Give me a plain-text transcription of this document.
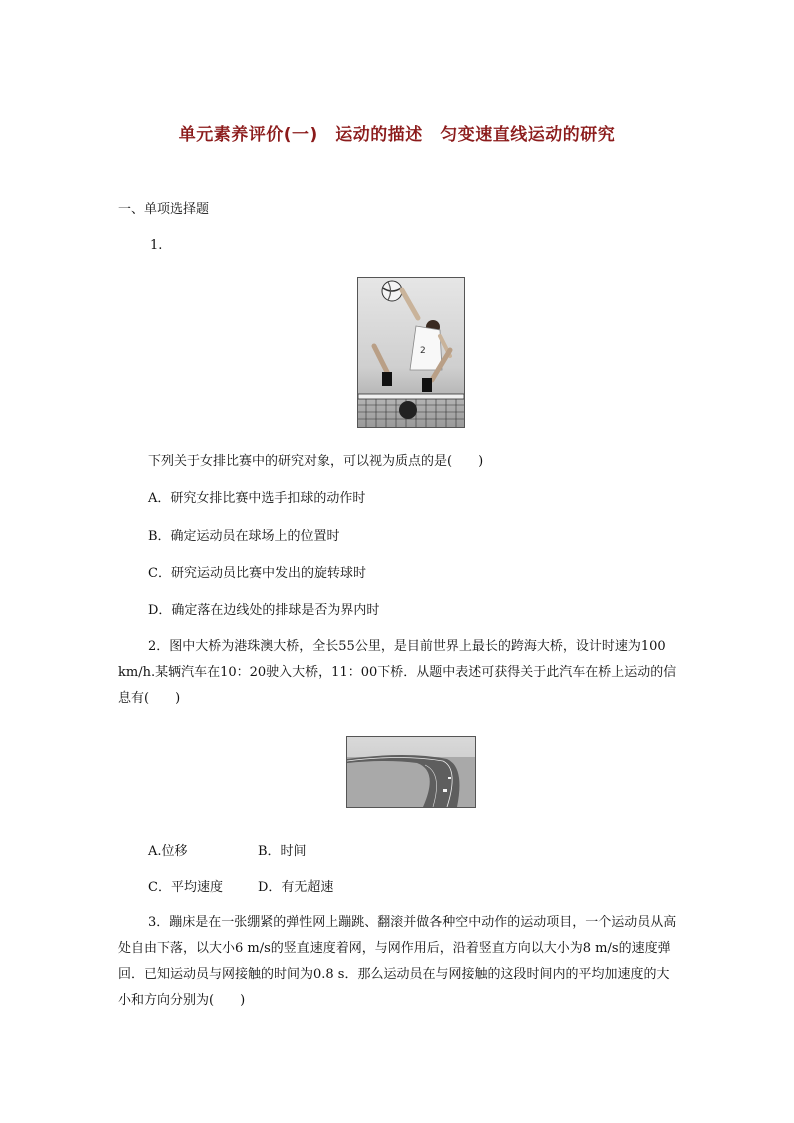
单元素养评价(一)　运动的描述　匀变速直线运动的研究
一、单项选择题
1.
2
下列关于女排比赛中的研究对象，可以视为质点的是(　　)
A．研究女排比赛中选手扣球的动作时
B．确定运动员在球场上的位置时
C．研究运动员比赛中发出的旋转球时
D．确定落在边线处的排球是否为界内时
2．图中大桥为港珠澳大桥，全长55公里，是目前世界上最长的跨海大桥，设计时速为100 km/h.某辆汽车在10：20驶入大桥，11：00下桥．从题中表述可获得关于此汽车在桥上运动的信息有(　　)
A.位移	B．时间
C．平均速度	D．有无超速
3．蹦床是在一张绷紧的弹性网上蹦跳、翻滚并做各种空中动作的运动项目，一个运动员从高处自由下落，以大小6 m/s的竖直速度着网，与网作用后，沿着竖直方向以大小为8 m/s的速度弹回．已知运动员与网接触的时间为0.8 s．那么运动员在与网接触的这段时间内的平均加速度的大小和方向分别为(　　)
